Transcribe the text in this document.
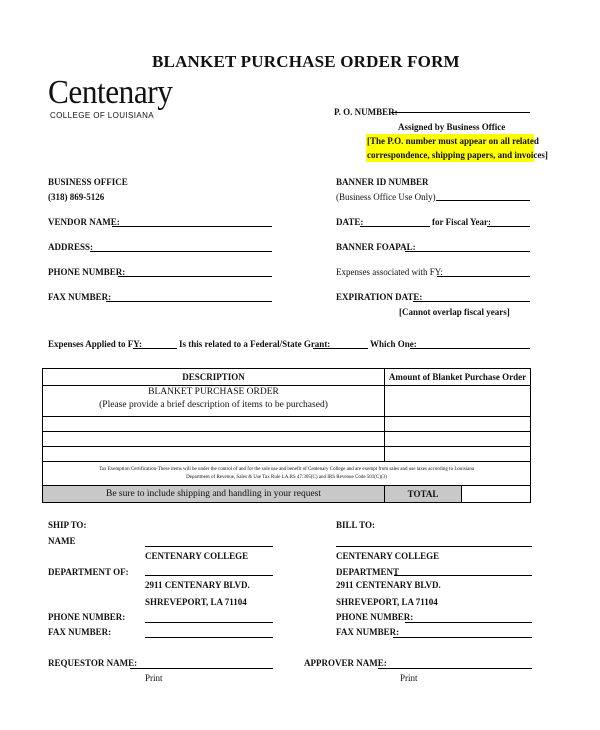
BLANKET PURCHASE ORDER FORM
Centenary
COLLEGE OF LOUISIANA	P. O. NUMBER:
Assigned by Business Office
[The P.O. number must appear on all related
correspondence, shipping papers, and invoices]
BUSINESS OFFICE
(318) 869-5126
BANNER ID NUMBER
(Business Office Use Only)
VENDOR NAME:
ADDRESS:
PHONE NUMBER:
FAX NUMBER:
DATE:	for Fiscal Year:
BANNER FOAPAL:
Expenses associated with FY:
EXPIRATION DATE:
[Cannot overlap fiscal years]
Expenses Applied to FY:	Is this related to a Federal/State Grant:	Which One:
DESCRIPTION	Amount of Blanket Purchase Order

BLANKET PURCHASE ORDER
(Please provide a brief description of items to be purchased)	

Tax Exemption Certification-These items will be under the control of and for the sole use and benefit of Centenary College and are exempt from sales and use taxes according to Louisiana
Department of Revenue, Sales & Use Tax Rule LA.RS 47:305(C) and IRS Revenue Code 501(C)(3)	

Be sure to include shipping and handling in your request	TOTAL
SHIP TO:
NAME
CENTENARY COLLEGE
DEPARTMENT OF:
2911 CENTENARY BLVD.
SHREVEPORT, LA 71104
PHONE NUMBER:
FAX NUMBER:
BILL TO:
CENTENARY COLLEGE
DEPARTMENT
2911 CENTENARY BLVD.
SHREVEPORT, LA 71104
PHONE NUMBER:
FAX NUMBER:
REQUESTOR NAME:
Print
APPROVER NAME:
Print
